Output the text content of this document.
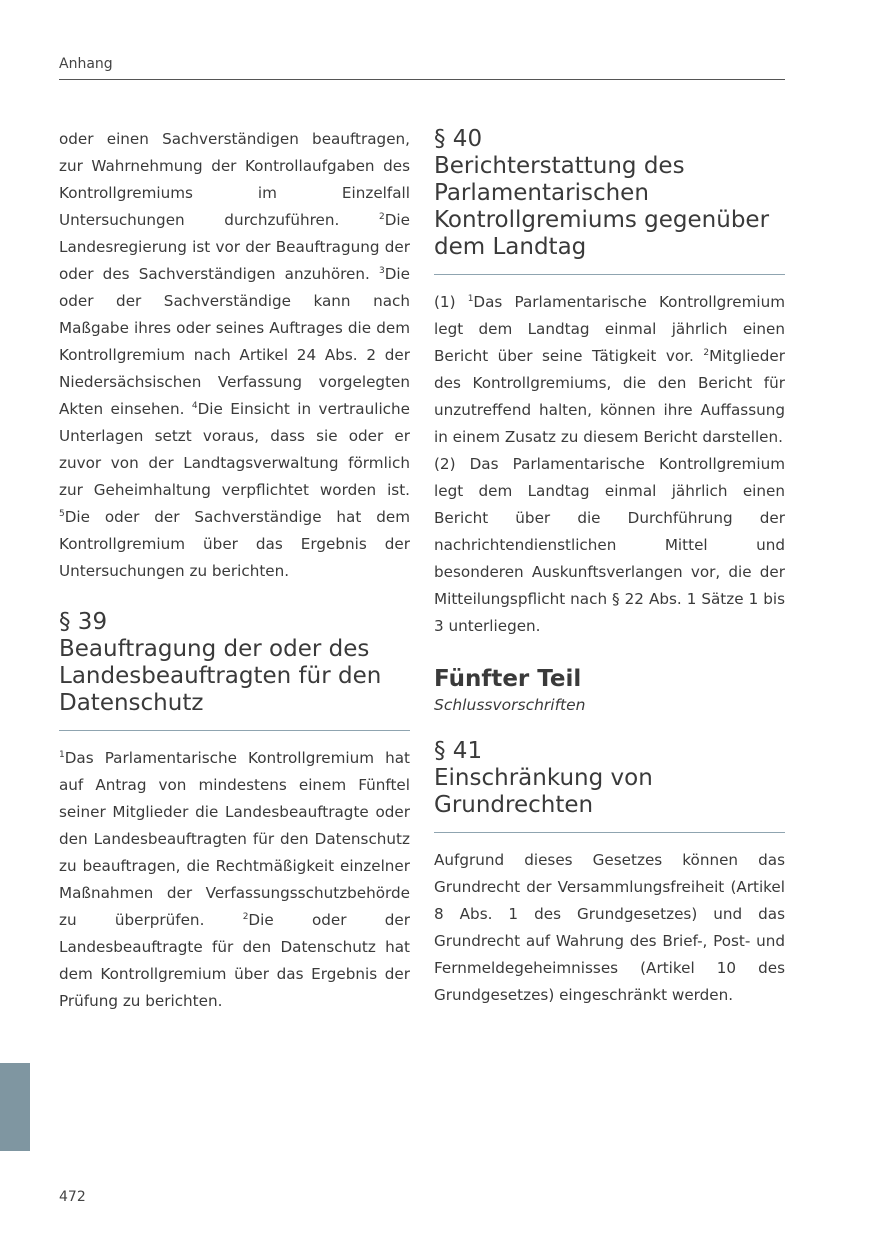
Anhang

oder einen Sachverständigen beauftragen, zur Wahrnehmung der Kontrollaufgaben des Kontrollgremiums im Einzelfall Untersuchungen durchzuführen. $^2$Die Landesregierung ist vor der Beauftragung der oder des Sachverständigen anzuhören. $^3$Die oder der Sachverständige kann nach Maßgabe ihres oder seines Auftrages die dem Kontrollgremium nach Artikel 24 Abs. 2 der Niedersächsischen Verfassung vorgelegten Akten einsehen. $^4$Die Einsicht in vertrauliche Unterlagen setzt voraus, dass sie oder er zuvor von der Landtagsverwaltung förmlich zur Geheimhaltung verpflichtet worden ist. $^5$Die oder der Sachverständige hat dem Kontrollgremium über das Ergebnis der Untersuchungen zu berichten.

§ 39
Beauftragung der oder des Landesbeauftragten für den Datenschutz

$^1$Das Parlamentarische Kontrollgremium hat auf Antrag von mindestens einem Fünftel seiner Mitglieder die Landesbeauftragte oder den Landesbeauftragten für den Datenschutz zu beauftragen, die Rechtmäßigkeit einzelner Maßnahmen der Verfassungsschutzbehörde zu überprüfen. $^2$Die oder der Landesbeauftragte für den Datenschutz hat dem Kontrollgremium über das Ergebnis der Prüfung zu berichten.

§ 40
Berichterstattung des Parlamentarischen Kontrollgremiums gegenüber dem Landtag

(1) $^1$Das Parlamentarische Kontrollgremium legt dem Landtag einmal jährlich einen Bericht über seine Tätigkeit vor. $^2$Mitglieder des Kontrollgremiums, die den Bericht für unzutreffend halten, können ihre Auffassung in einem Zusatz zu diesem Bericht darstellen.

(2) Das Parlamentarische Kontrollgremium legt dem Landtag einmal jährlich einen Bericht über die Durchführung der nachrichtendienstlichen Mittel und besonderen Auskunftsverlangen vor, die der Mitteilungspflicht nach § 22 Abs. 1 Sätze 1 bis 3 unterliegen.

Fünfter Teil

Schlussvorschriften

§ 41
Einschränkung von Grundrechten

Aufgrund dieses Gesetzes können das Grundrecht der Versammlungsfreiheit (Artikel 8 Abs. 1 des Grundgesetzes) und das Grundrecht auf Wahrung des Brief-, Post- und Fernmeldegeheimnisses (Artikel 10 des Grundgesetzes) eingeschränkt werden.

472
